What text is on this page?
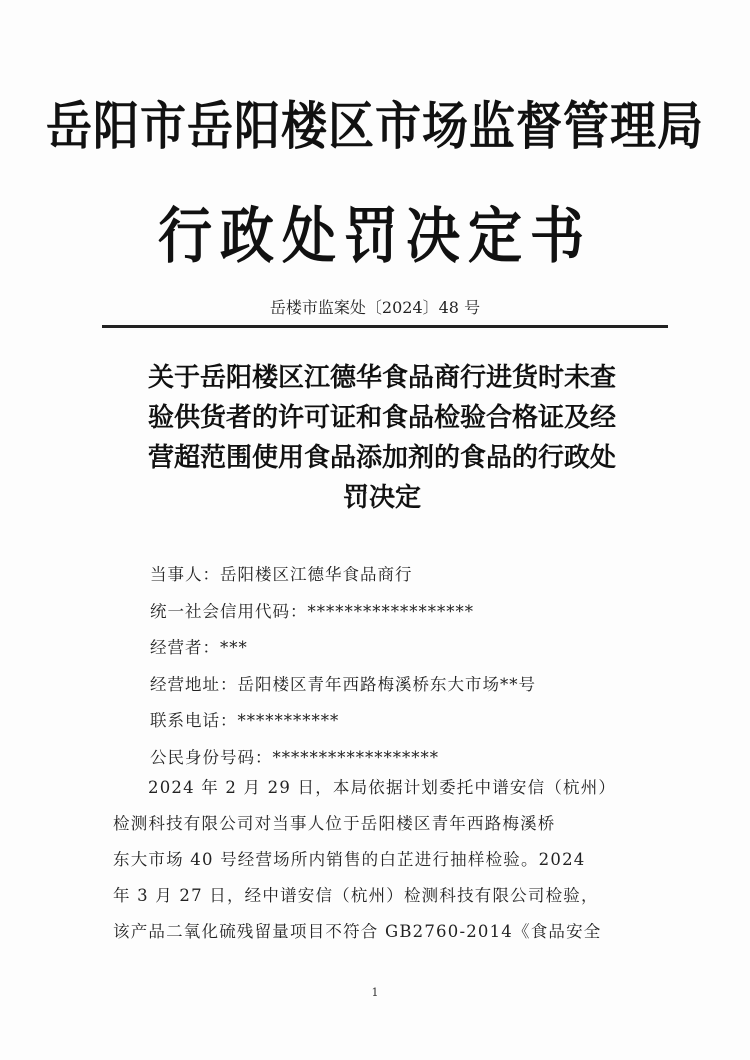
岳阳市岳阳楼区市场监督管理局
行政处罚决定书
岳楼市监案处〔2024〕48 号
关于岳阳楼区江德华食品商行进货时未查
验供货者的许可证和食品检验合格证及经
营超范围使用食品添加剂的食品的行政处
罚决定
当事人：岳阳楼区江德华食品商行
统一社会信用代码：******************
经营者：***
经营地址：岳阳楼区青年西路梅溪桥东大市场**号
联系电话：***********
公民身份号码：******************
2024 年 2 月 29 日，本局依据计划委托中谱安信（杭州）
检测科技有限公司对当事人位于岳阳楼区青年西路梅溪桥
东大市场 40 号经营场所内销售的白芷进行抽样检验。2024
年 3 月 27 日，经中谱安信（杭州）检测科技有限公司检验，
该产品二氧化硫残留量项目不符合 GB2760-2014《食品安全
1
